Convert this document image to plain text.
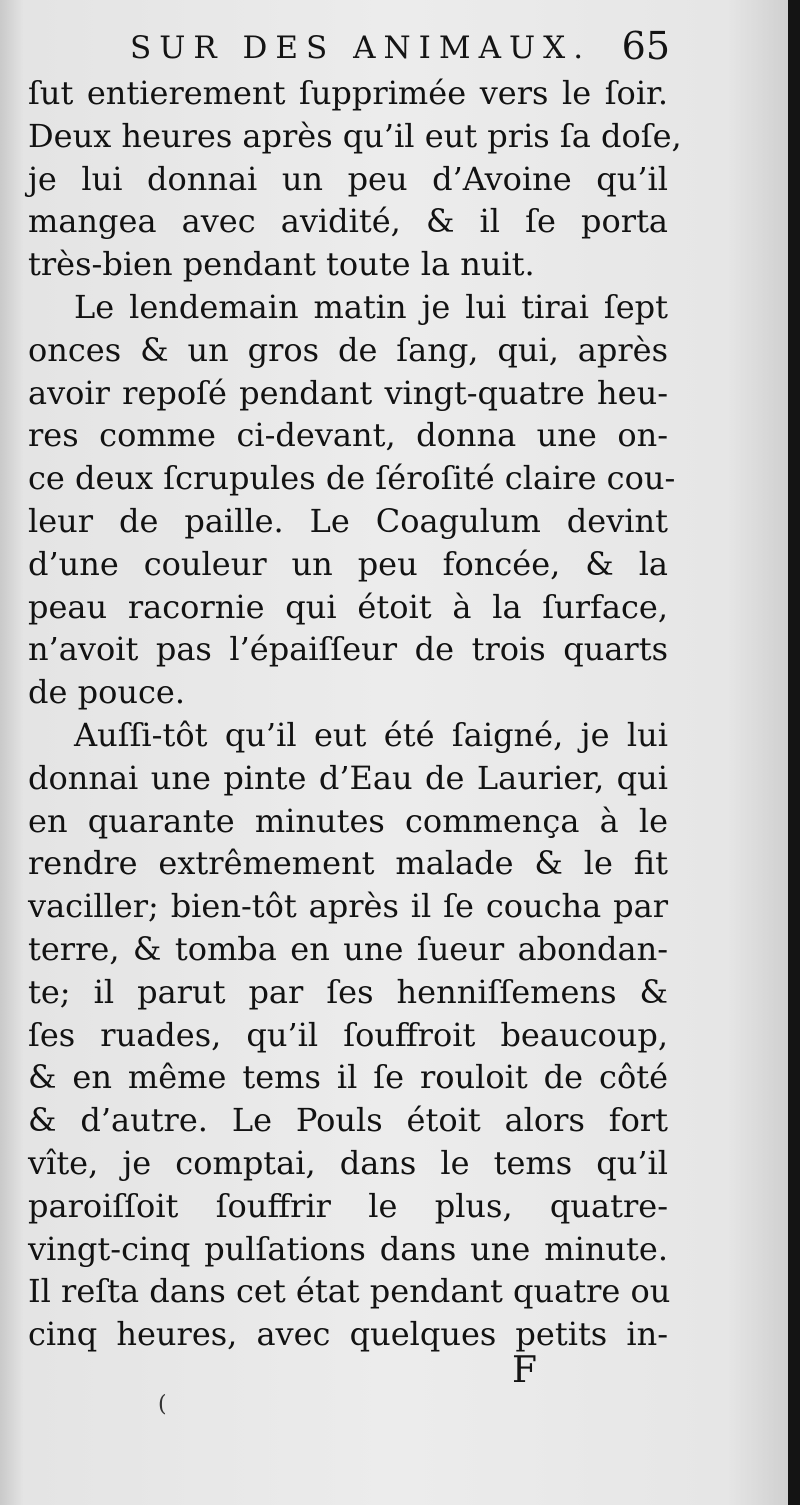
SUR DES ANIMAUX. 65
ſut entierement ſupprimée vers le ſoir.
Deux heures après qu’il eut pris ſa doſe,
je lui donnai un peu d’Avoine qu’il
mangea avec avidité, & il ſe porta
très-bien pendant toute la nuit.
Le lendemain matin je lui tirai ſept
onces & un gros de ſang, qui, après
avoir repoſé pendant vingt-quatre heu-
res comme ci-devant, donna une on-
ce deux ſcrupules de ſéroſité claire cou-
leur de paille. Le Coagulum devint
d’une couleur un peu foncée, & la
peau racornie qui étoit à la ſurface,
n’avoit pas l’épaiſſeur de trois quarts
de pouce.
Auſſi-tôt qu’il eut été ſaigné, je lui
donnai une pinte d’Eau de Laurier, qui
en quarante minutes commença à le
rendre extrêmement malade & le fit
vaciller; bien-tôt après il ſe coucha par
terre, & tomba en une ſueur abondan-
te; il parut par ſes henniſſemens &
ſes ruades, qu’il ſouffroit beaucoup,
& en même tems il ſe rouloit de côté
& d’autre. Le Pouls étoit alors fort
vîte, je comptai, dans le tems qu’il
paroiſſoit ſouffrir le plus, quatre-
vingt-cinq pulſations dans une minute.
Il reſta dans cet état pendant quatre ou
cinq heures, avec quelques petits in-
F
(
